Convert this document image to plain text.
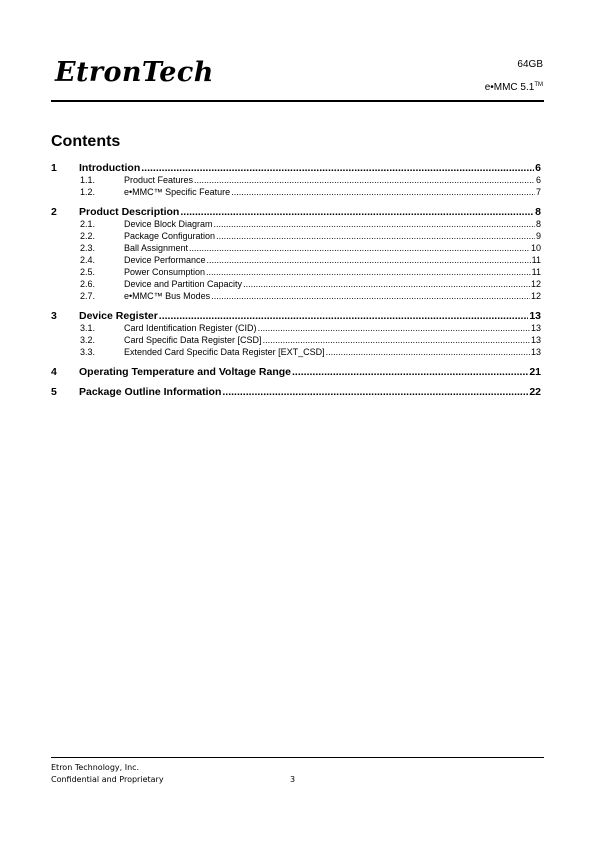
EtronTech	64GB
e•MMC 5.1™
Contents
1	Introduction .....	6
1.1.	Product Features .....	6
1.2.	e•MMC™ Specific Feature .....	7
2	Product Description .....	8
2.1.	Device Block Diagram .....	8
2.2.	Package Configuration .....	9
2.3.	Ball Assignment .....	10
2.4.	Device Performance .....	11
2.5.	Power Consumption .....	11
2.6.	Device and Partition Capacity .....	12
2.7.	e•MMC™ Bus Modes .....	12
3	Device Register .....	13
3.1.	Card Identification Register (CID) .....	13
3.2.	Card Specific Data Register [CSD] .....	13
3.3.	Extended Card Specific Data Register [EXT_CSD] .....	13
4	Operating Temperature and Voltage Range .....	21
5	Package Outline Information .....	22
Etron Technology, Inc.
Confidential and Proprietary	3
